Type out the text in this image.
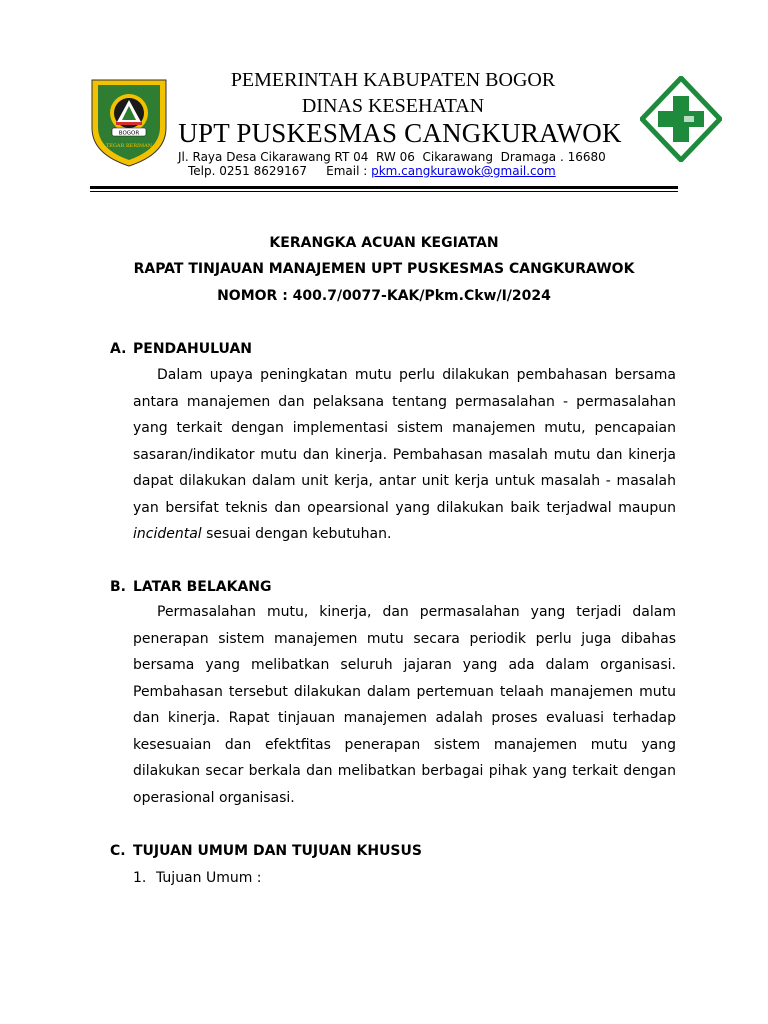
BOGOR
TEGAR BERIMAN
PEMERINTAH KABUPATEN BOGOR
DINAS KESEHATAN
UPT PUSKESMAS CANGKURAWOK
Jl. Raya Desa Cikarawang RT 04  RW 06  Cikarawang  Dramaga . 16680
Telp. 0251 8629167     Email : pkm.cangkurawok@gmail.com
KERANGKA ACUAN KEGIATAN
RAPAT TINJAUAN MANAJEMEN UPT PUSKESMAS CANGKURAWOK
NOMOR : 400.7/0077-KAK/Pkm.Ckw/I/2024
A. PENDAHULUAN

Dalam upaya peningkatan mutu perlu dilakukan pembahasan bersama antara manajemen dan pelaksana tentang permasalahan - permasalahan yang terkait dengan implementasi sistem manajemen mutu, pencapaian sasaran/indikator mutu dan kinerja. Pembahasan masalah mutu dan kinerja dapat dilakukan dalam unit kerja, antar unit kerja untuk masalah - masalah yan bersifat teknis dan opearsional yang dilakukan baik terjadwal maupun incidental sesuai dengan kebutuhan.

B. LATAR BELAKANG

Permasalahan mutu, kinerja, dan permasalahan yang terjadi dalam penerapan sistem manajemen mutu secara periodik perlu juga dibahas bersama yang melibatkan seluruh jajaran yang ada dalam organisasi. Pembahasan tersebut dilakukan dalam pertemuan telaah manajemen mutu dan kinerja. Rapat tinjauan manajemen adalah proses evaluasi terhadap kesesuaian dan efektfitas penerapan sistem manajemen mutu yang dilakukan secar berkala dan melibatkan berbagai pihak yang terkait dengan operasional organisasi.

C. TUJUAN UMUM DAN TUJUAN KHUSUS
1. Tujuan Umum :
